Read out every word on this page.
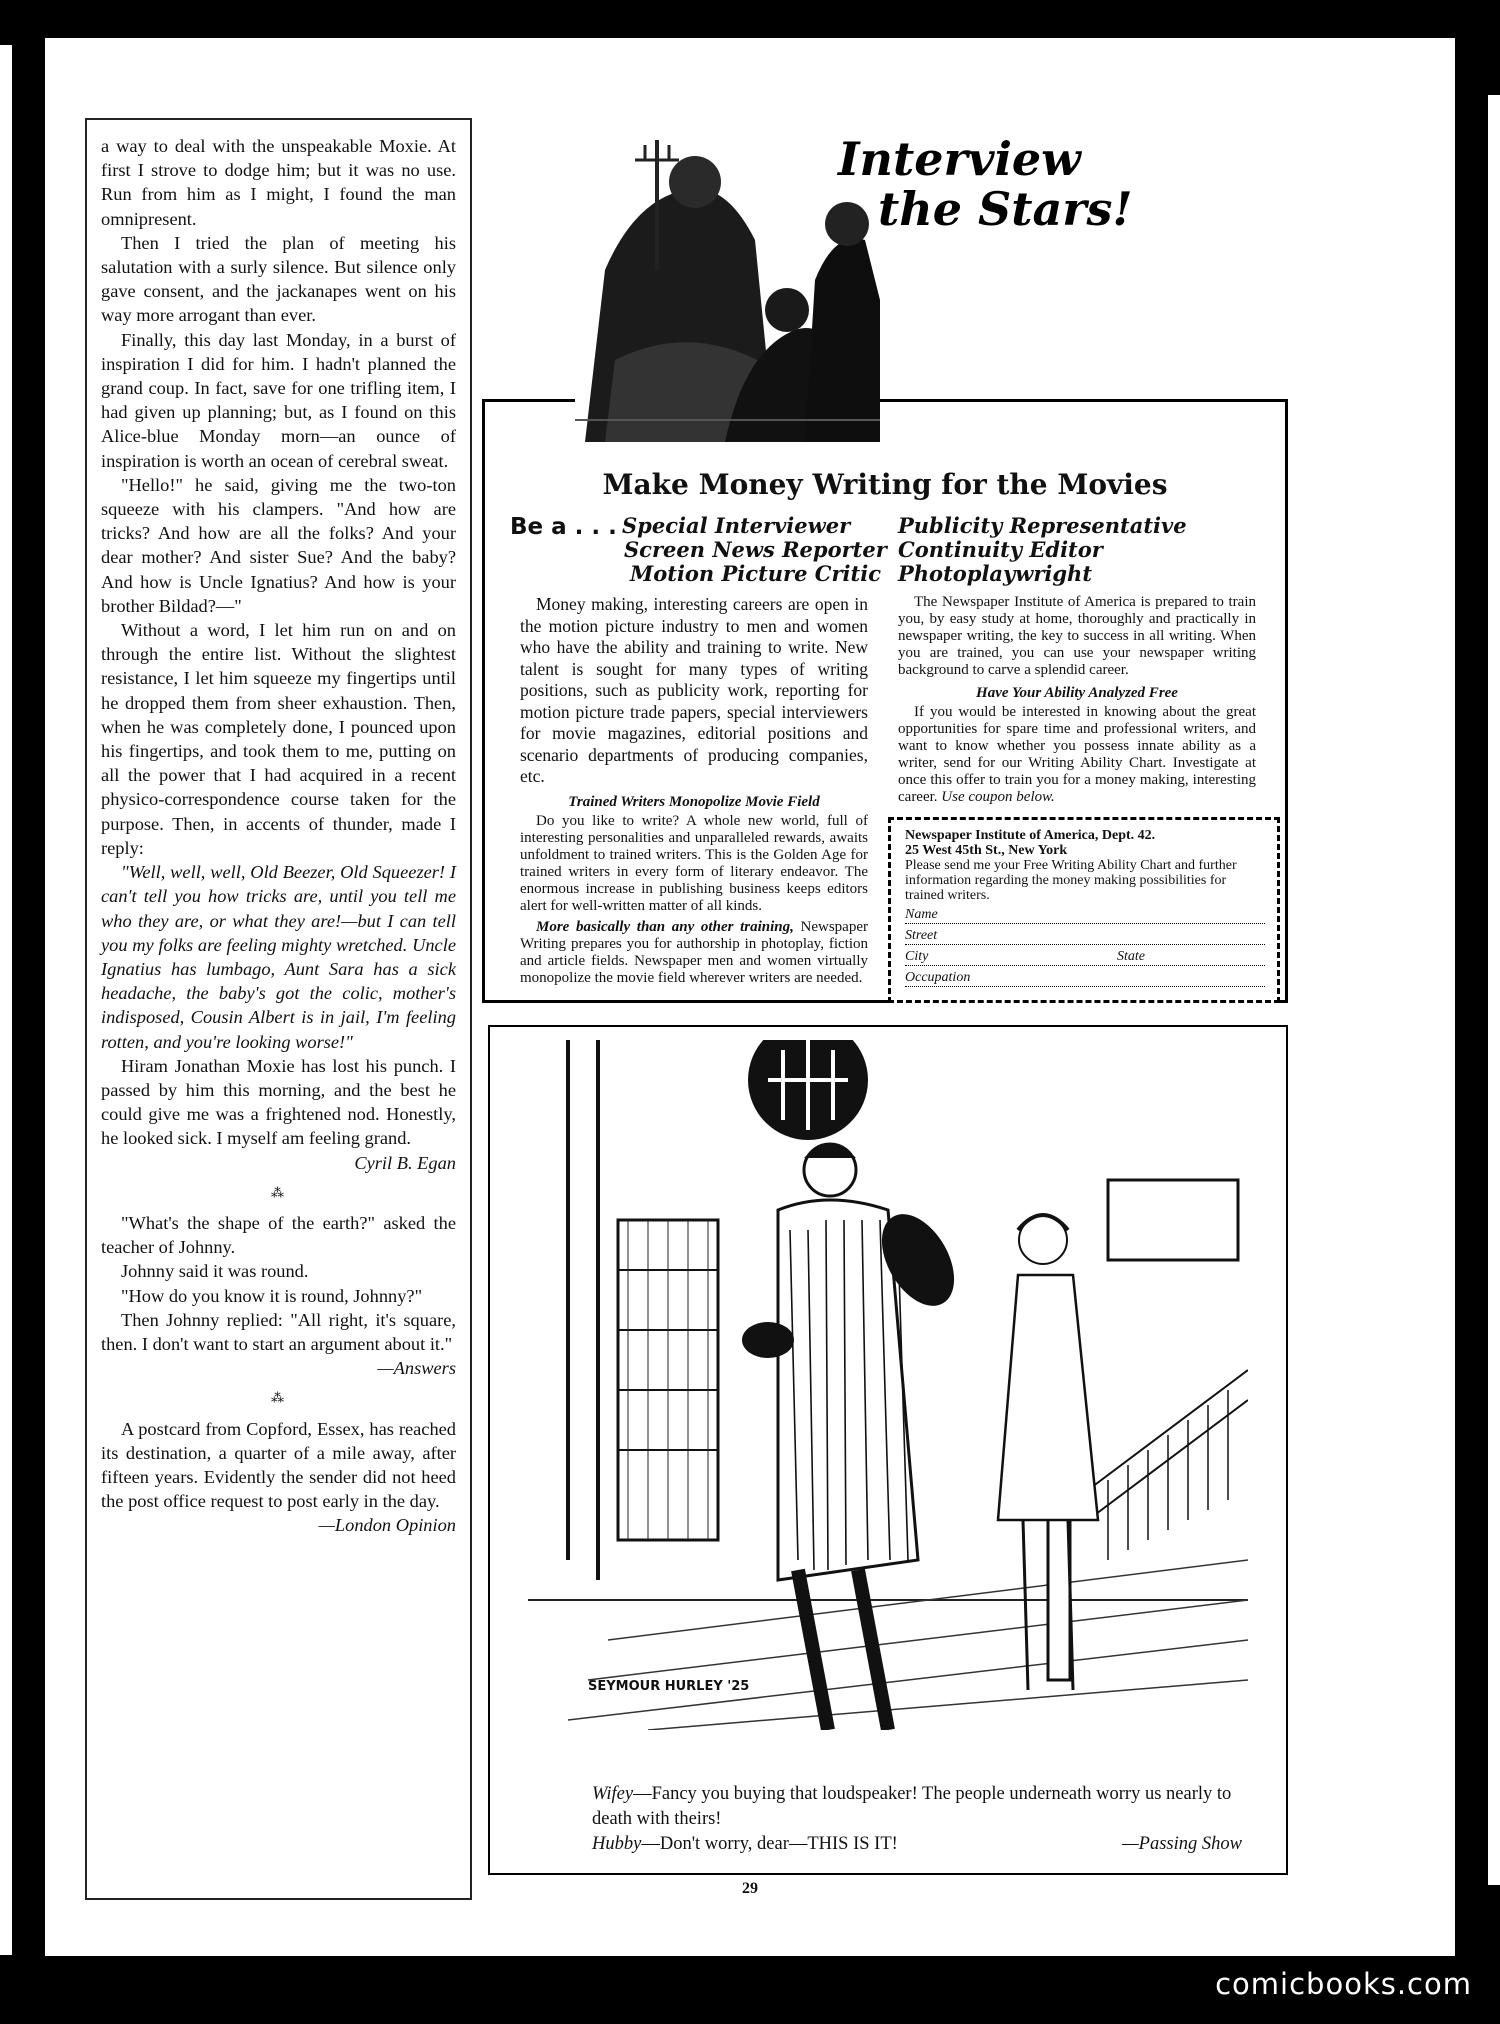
a way to deal with the unspeakable Moxie. At first I strove to dodge him; but it was no use. Run from him as I might, I found the man omnipresent.

Then I tried the plan of meeting his salutation with a surly silence. But silence only gave consent, and the jackanapes went on his way more arrogant than ever.

Finally, this day last Monday, in a burst of inspiration I did for him. I hadn't planned the grand coup. In fact, save for one trifling item, I had given up planning; but, as I found on this Alice-blue Monday morn—an ounce of inspiration is worth an ocean of cerebral sweat.

"Hello!" he said, giving me the two-ton squeeze with his clampers. "And how are tricks? And how are all the folks? And your dear mother? And sister Sue? And the baby? And how is Uncle Ignatius? And how is your brother Bildad?—"

Without a word, I let him run on and on through the entire list. Without the slightest resistance, I let him squeeze my fingertips until he dropped them from sheer exhaustion. Then, when he was completely done, I pounced upon his fingertips, and took them to me, putting on all the power that I had acquired in a recent physico-correspondence course taken for the purpose. Then, in accents of thunder, made I reply:

"Well, well, well, Old Beezer, Old Squeezer! I can't tell you how tricks are, until you tell me who they are, or what they are!—but I can tell you my folks are feeling mighty wretched. Uncle Ignatius has lumbago, Aunt Sara has a sick headache, the baby's got the colic, mother's indisposed, Cousin Albert is in jail, I'm feeling rotten, and you're looking worse!"

Hiram Jonathan Moxie has lost his punch. I passed by him this morning, and the best he could give me was a frightened nod. Honestly, he looked sick. I myself am feeling grand.

Cyril B. Egan
⁂

"What's the shape of the earth?" asked the teacher of Johnny.

Johnny said it was round.

"How do you know it is round, Johnny?"

Then Johnny replied: "All right, it's square, then. I don't want to start an argument about it."

—Answers
⁂

A postcard from Copford, Essex, has reached its destination, a quarter of a mile away, after fifteen years. Evidently the sender did not heed the post office request to post early in the day.

—London Opinion
Interview
the Stars!
Make Money Writing for the Movies
Be a . . . Special Interviewer
Screen News Reporter
Motion Picture Critic
Publicity Representative
Continuity Editor
Photoplaywright

Money making, interesting careers are open in the motion picture industry to men and women who have the ability and training to write. New talent is sought for many types of writing positions, such as publicity work, reporting for motion picture trade papers, special interviewers for movie magazines, editorial positions and scenario departments of producing companies, etc.

Trained Writers Monopolize Movie Field

Do you like to write? A whole new world, full of interesting personalities and unparalleled rewards, awaits unfoldment to trained writers. This is the Golden Age for trained writers in every form of literary endeavor. The enormous increase in publishing business keeps editors alert for well-written matter of all kinds.

More basically than any other training, Newspaper Writing prepares you for authorship in photoplay, fiction and article fields. Newspaper men and women virtually monopolize the movie field wherever writers are needed.

The Newspaper Institute of America is prepared to train you, by easy study at home, thoroughly and practically in newspaper writing, the key to success in all writing. When you are trained, you can use your newspaper writing background to carve a splendid career.

Have Your Ability Analyzed Free

If you would be interested in knowing about the great opportunities for spare time and professional writers, and want to know whether you possess innate ability as a writer, send for our Writing Ability Chart. Investigate at once this offer to train you for a money making, interesting career. Use coupon below.

Newspaper Institute of America, Dept. 42.
25 West 45th St., New York
Please send me your Free Writing Ability Chart and further information regarding the money making possibilities for trained writers.
Name
Street
City	State
Occupation
SEYMOUR HURLEY '25

Wifey—Fancy you buying that loudspeaker! The people underneath worry us nearly to death with theirs!

Hubby—Don't worry, dear—THIS IS IT!	—Passing Show
29
comicbooks.com
